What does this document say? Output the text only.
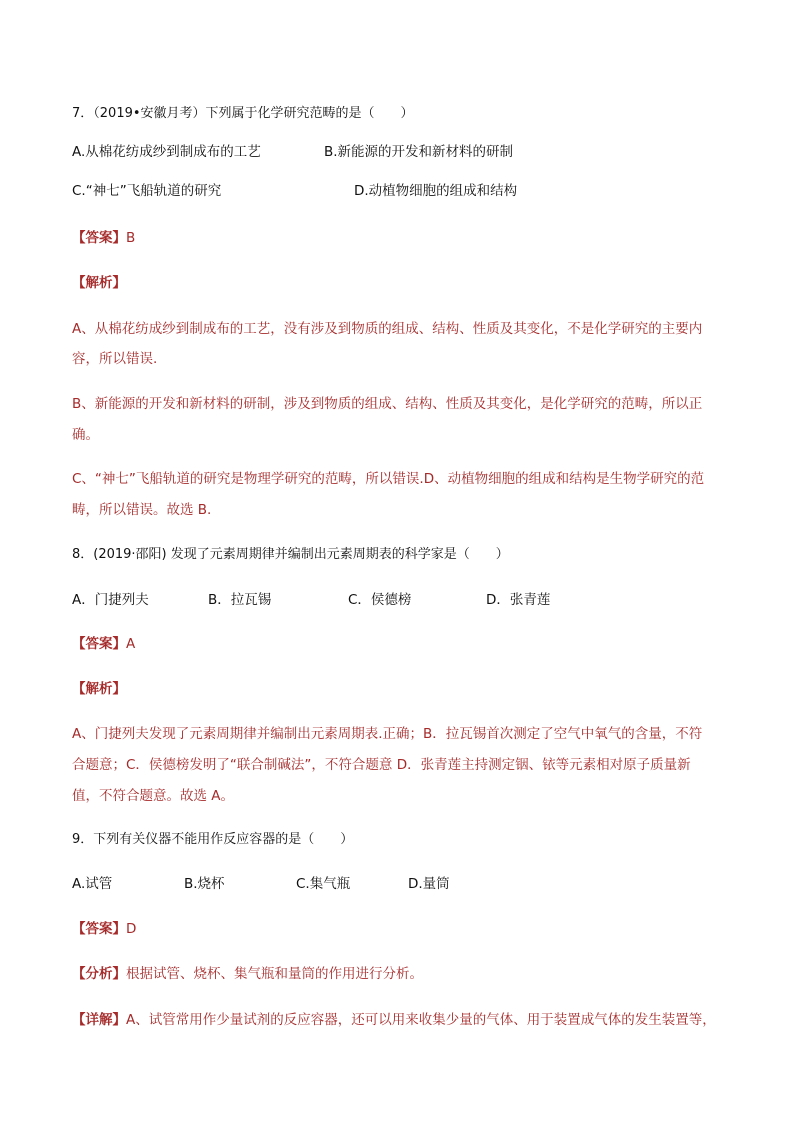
7．（2019•安徽月考）下列属于化学研究范畴的是（　　）
A.从棉花纺成纱到制成布的工艺	B.新能源的开发和新材料的研制
C.“神七”飞船轨道的研究	D.动植物细胞的组成和结构
【答案】B
【解析】
A、从棉花纺成纱到制成布的工艺，没有涉及到物质的组成、结构、性质及其变化，不是化学研究的主要内
容，所以错误.
B、新能源的开发和新材料的研制，涉及到物质的组成、结构、性质及其变化，是化学研究的范畴，所以正
确。
C、“神七”飞船轨道的研究是物理学研究的范畴，所以错误.D、动植物细胞的组成和结构是生物学研究的范
畴，所以错误。故选 B.
8．(2019·邵阳) 发现了元素周期律并编制出元素周期表的科学家是（　　）
A．门捷列夫	B．拉瓦锡	C．侯德榜	D．张青莲
【答案】A
【解析】
A、门捷列夫发现了元素周期律并编制出元素周期表.正确；B．拉瓦锡首次测定了空气中氧气的含量，不符
合题意；C．侯德榜发明了“联合制碱法”，不符合题意 D．张青莲主持测定铟、铱等元素相对原子质量新
值，不符合题意。故选 A。
9．下列有关仪器不能用作反应容器的是（　　）
A.试管	B.烧杯	C.集气瓶	D.量筒
【答案】D
【分析】根据试管、烧杯、集气瓶和量筒的作用进行分析。
【详解】A、试管常用作少量试剂的反应容器，还可以用来收集少量的气体、用于装置成气体的发生装置等，
